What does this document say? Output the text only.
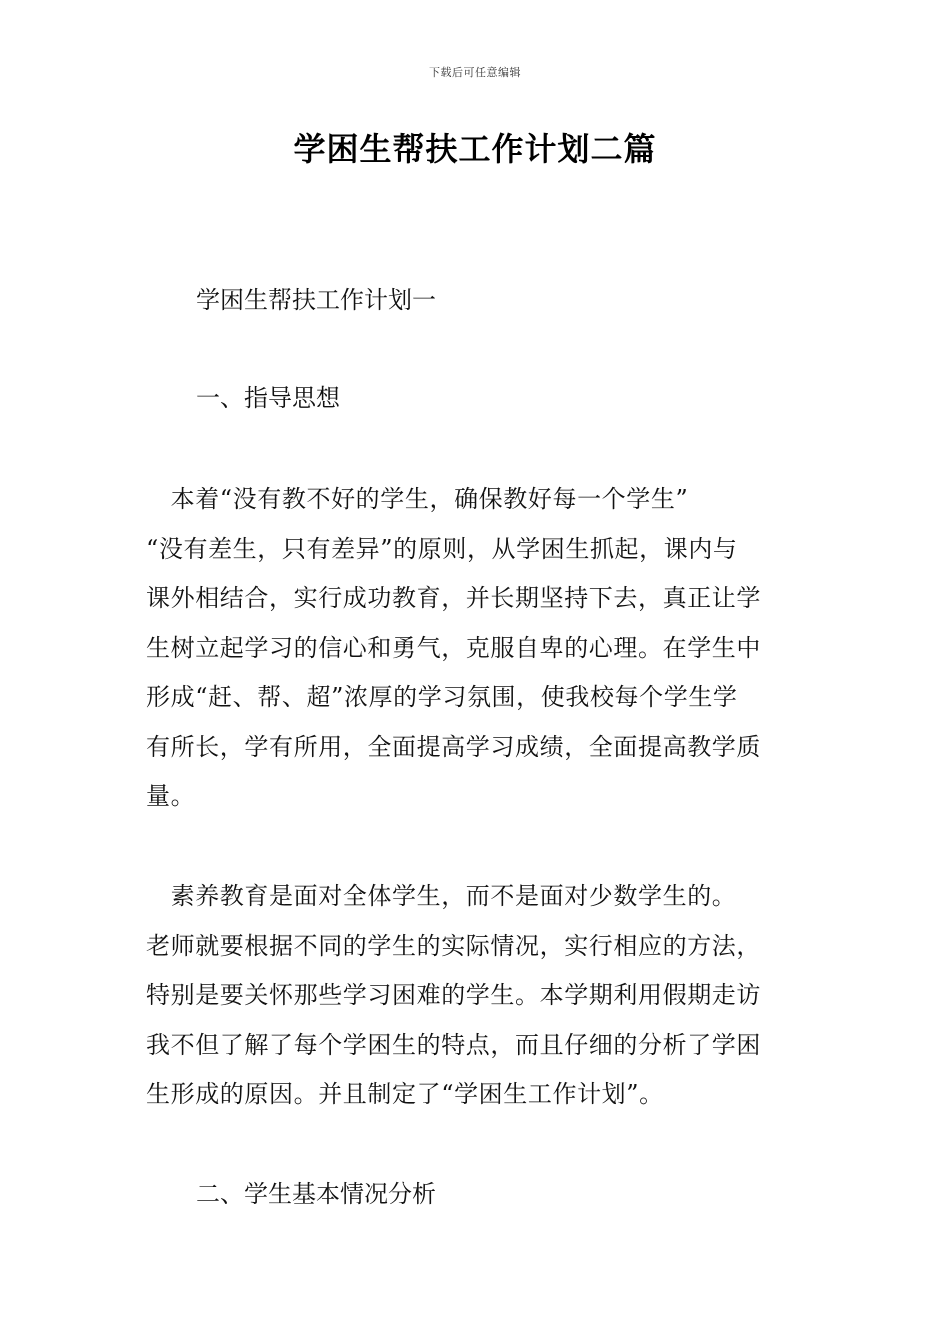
下载后可任意编辑
学困生帮扶工作计划二篇

学困生帮扶工作计划一

一、指导思想

　本着“没有教不好的学生，确保教好每一个学生”
“没有差生，只有差异”的原则，从学困生抓起，课内与
课外相结合，实行成功教育，并长期坚持下去，真正让学
生树立起学习的信心和勇气，克服自卑的心理。在学生中
形成“赶、帮、超”浓厚的学习氛围，使我校每个学生学
有所长，学有所用，全面提高学习成绩，全面提高教学质
量。
　素养教育是面对全体学生，而不是面对少数学生的。
老师就要根据不同的学生的实际情况，实行相应的方法，
特别是要关怀那些学习困难的学生。本学期利用假期走访
我不但了解了每个学困生的特点，而且仔细的分析了学困
生形成的原因。并且制定了“学困生工作计划”。

二、学生基本情况分析
